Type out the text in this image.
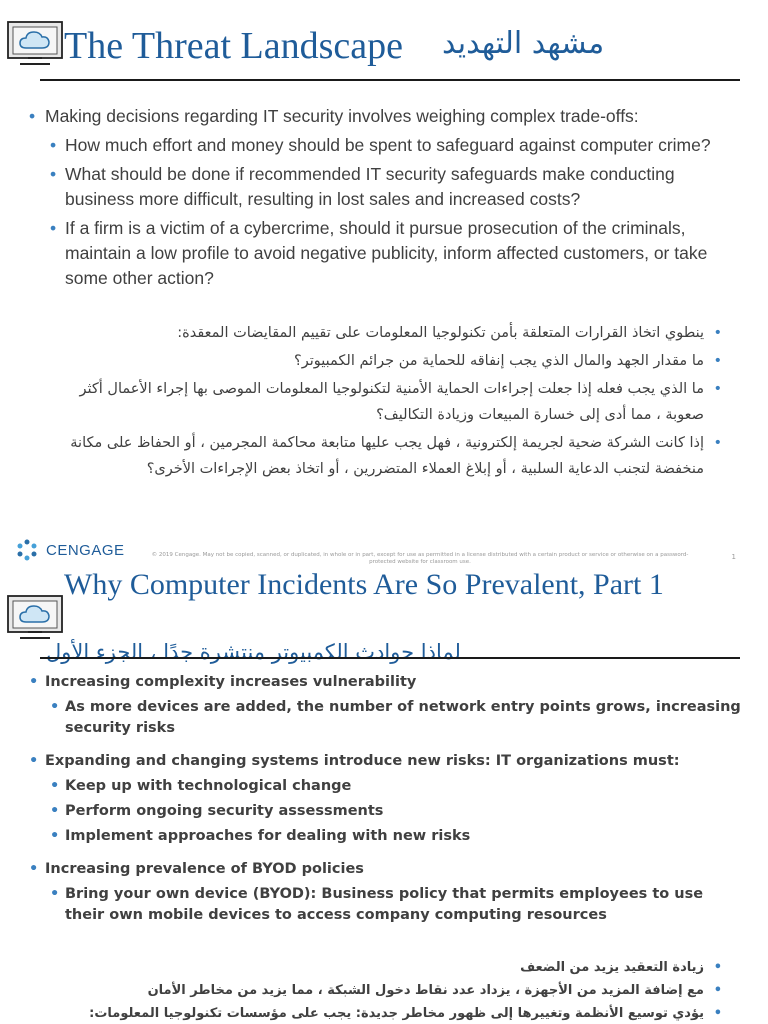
The Threat Landscape مشهد التهديد
• Making decisions regarding IT security involves weighing complex trade-offs:
• How much effort and money should be spent to safeguard against computer crime?
• What should be done if recommended IT security safeguards make conducting business more difficult, resulting in lost sales and increased costs?
• If a firm is a victim of a cybercrime, should it pursue prosecution of the criminals, maintain a low profile to avoid negative publicity, inform affected customers, or take some other action?
• ينطوي اتخاذ القرارات المتعلقة بأمن تكنولوجيا المعلومات على تقييم المقايضات المعقدة:
• ما مقدار الجهد والمال الذي يجب إنفاقه للحماية من جرائم الكمبيوتر؟
• ما الذي يجب فعله إذا جعلت إجراءات الحماية الأمنية لتكنولوجيا المعلومات الموصى بها إجراء الأعمال أكثر صعوبة ، مما أدى إلى خسارة المبيعات وزيادة التكاليف؟
• إذا كانت الشركة ضحية لجريمة إلكترونية ، فهل يجب عليها متابعة محاكمة المجرمين ، أو الحفاظ على مكانة منخفضة لتجنب الدعاية السلبية ، أو إبلاغ العملاء المتضررين ، أو اتخاذ بعض الإجراءات الأخرى؟
CENGAGE	© 2019 Cengage. May not be copied, scanned, or duplicated, in whole or in part, except for use as permitted in a license distributed with a certain product or service or otherwise on a password-protected website for classroom use.
1
Why Computer Incidents Are So Prevalent, Part 1
لماذا حوادث الكمبيوتر منتشرة جدًا ، الجزء الأول
• Increasing complexity increases vulnerability
• As more devices are added, the number of network entry points grows, increasing security risks
• Expanding and changing systems introduce new risks: IT organizations must:
• Keep up with technological change
• Perform ongoing security assessments
• Implement approaches for dealing with new risks
• Increasing prevalence of BYOD policies
• Bring your own device (BYOD): Business policy that permits employees to use their own mobile devices to access company computing resources
• زيادة التعقيد يزيد من الضعف
• مع إضافة المزيد من الأجهزة ، يزداد عدد نقاط دخول الشبكة ، مما يزيد من مخاطر الأمان
• يؤدي توسيع الأنظمة وتغييرها إلى ظهور مخاطر جديدة: يجب على مؤسسات تكنولوجيا المعلومات:
